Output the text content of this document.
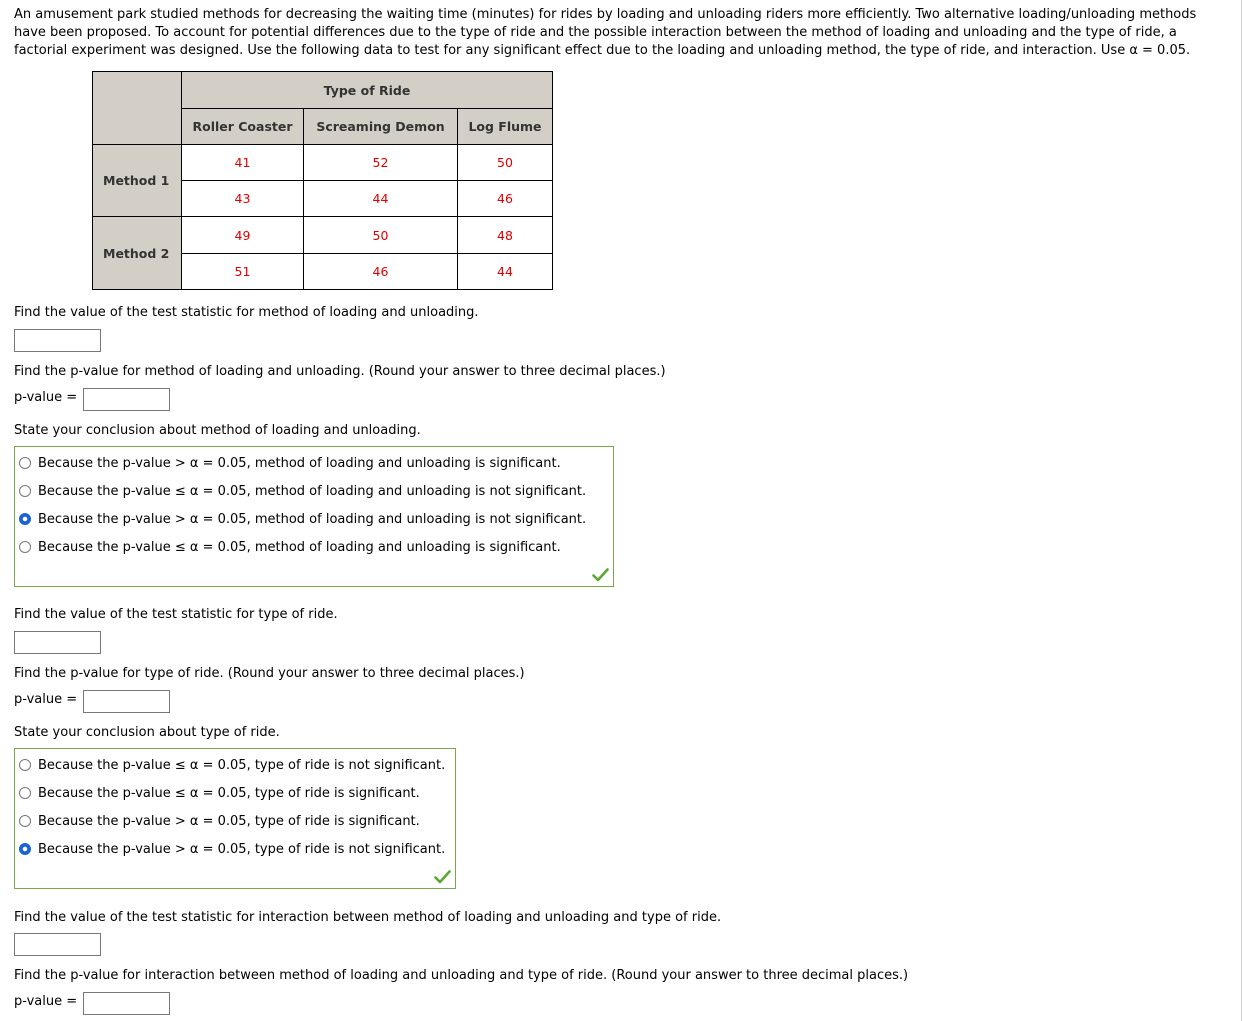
An amusement park studied methods for decreasing the waiting time (minutes) for rides by loading and unloading riders more efficiently. Two alternative loading/unloading methods have been proposed. To account for potential differences due to the type of ride and the possible interaction between the method of loading and unloading and the type of ride, a factorial experiment was designed. Use the following data to test for any significant effect due to the loading and unloading method, the type of ride, and interaction. Use α = 0.05.
	Type of Ride		
	Roller Coaster	Screaming Demon	Log Flume
Method 1	41	52	50
	43	44	46
Method 2	49	50	48
	51	46	44
Find the value of the test statistic for method of loading and unloading.
Find the p-value for method of loading and unloading. (Round your answer to three decimal places.)
p-value =
State your conclusion about method of loading and unloading.
Because the p-value > α = 0.05, method of loading and unloading is significant.
Because the p-value ≤ α = 0.05, method of loading and unloading is not significant.
Because the p-value > α = 0.05, method of loading and unloading is not significant.
Because the p-value ≤ α = 0.05, method of loading and unloading is significant.
Find the value of the test statistic for type of ride.
Find the p-value for type of ride. (Round your answer to three decimal places.)
p-value =
State your conclusion about type of ride.
Because the p-value ≤ α = 0.05, type of ride is not significant.
Because the p-value ≤ α = 0.05, type of ride is significant.
Because the p-value > α = 0.05, type of ride is significant.
Because the p-value > α = 0.05, type of ride is not significant.
Find the value of the test statistic for interaction between method of loading and unloading and type of ride.
Find the p-value for interaction between method of loading and unloading and type of ride. (Round your answer to three decimal places.)
p-value =
